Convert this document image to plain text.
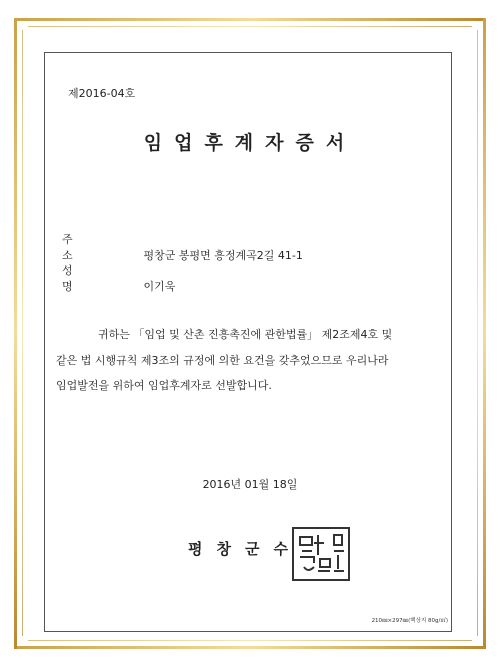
제2016-04호
임업후계자증서
주 소	평창군 봉평면 흥정계곡2길 41-1
성 명	이기욱
귀하는 「임업 및 산촌 진흥촉진에 관한법률」 제2조제4호 및
같은 법 시행규칙 제3조의 규정에 의한 요건을 갖추었으므로 우리나라
임업발전을 위하여 임업후계자로 선발합니다.
2016년 01월 18일
평창군수
210㎜×297㎜(백상지 80g/㎡)
